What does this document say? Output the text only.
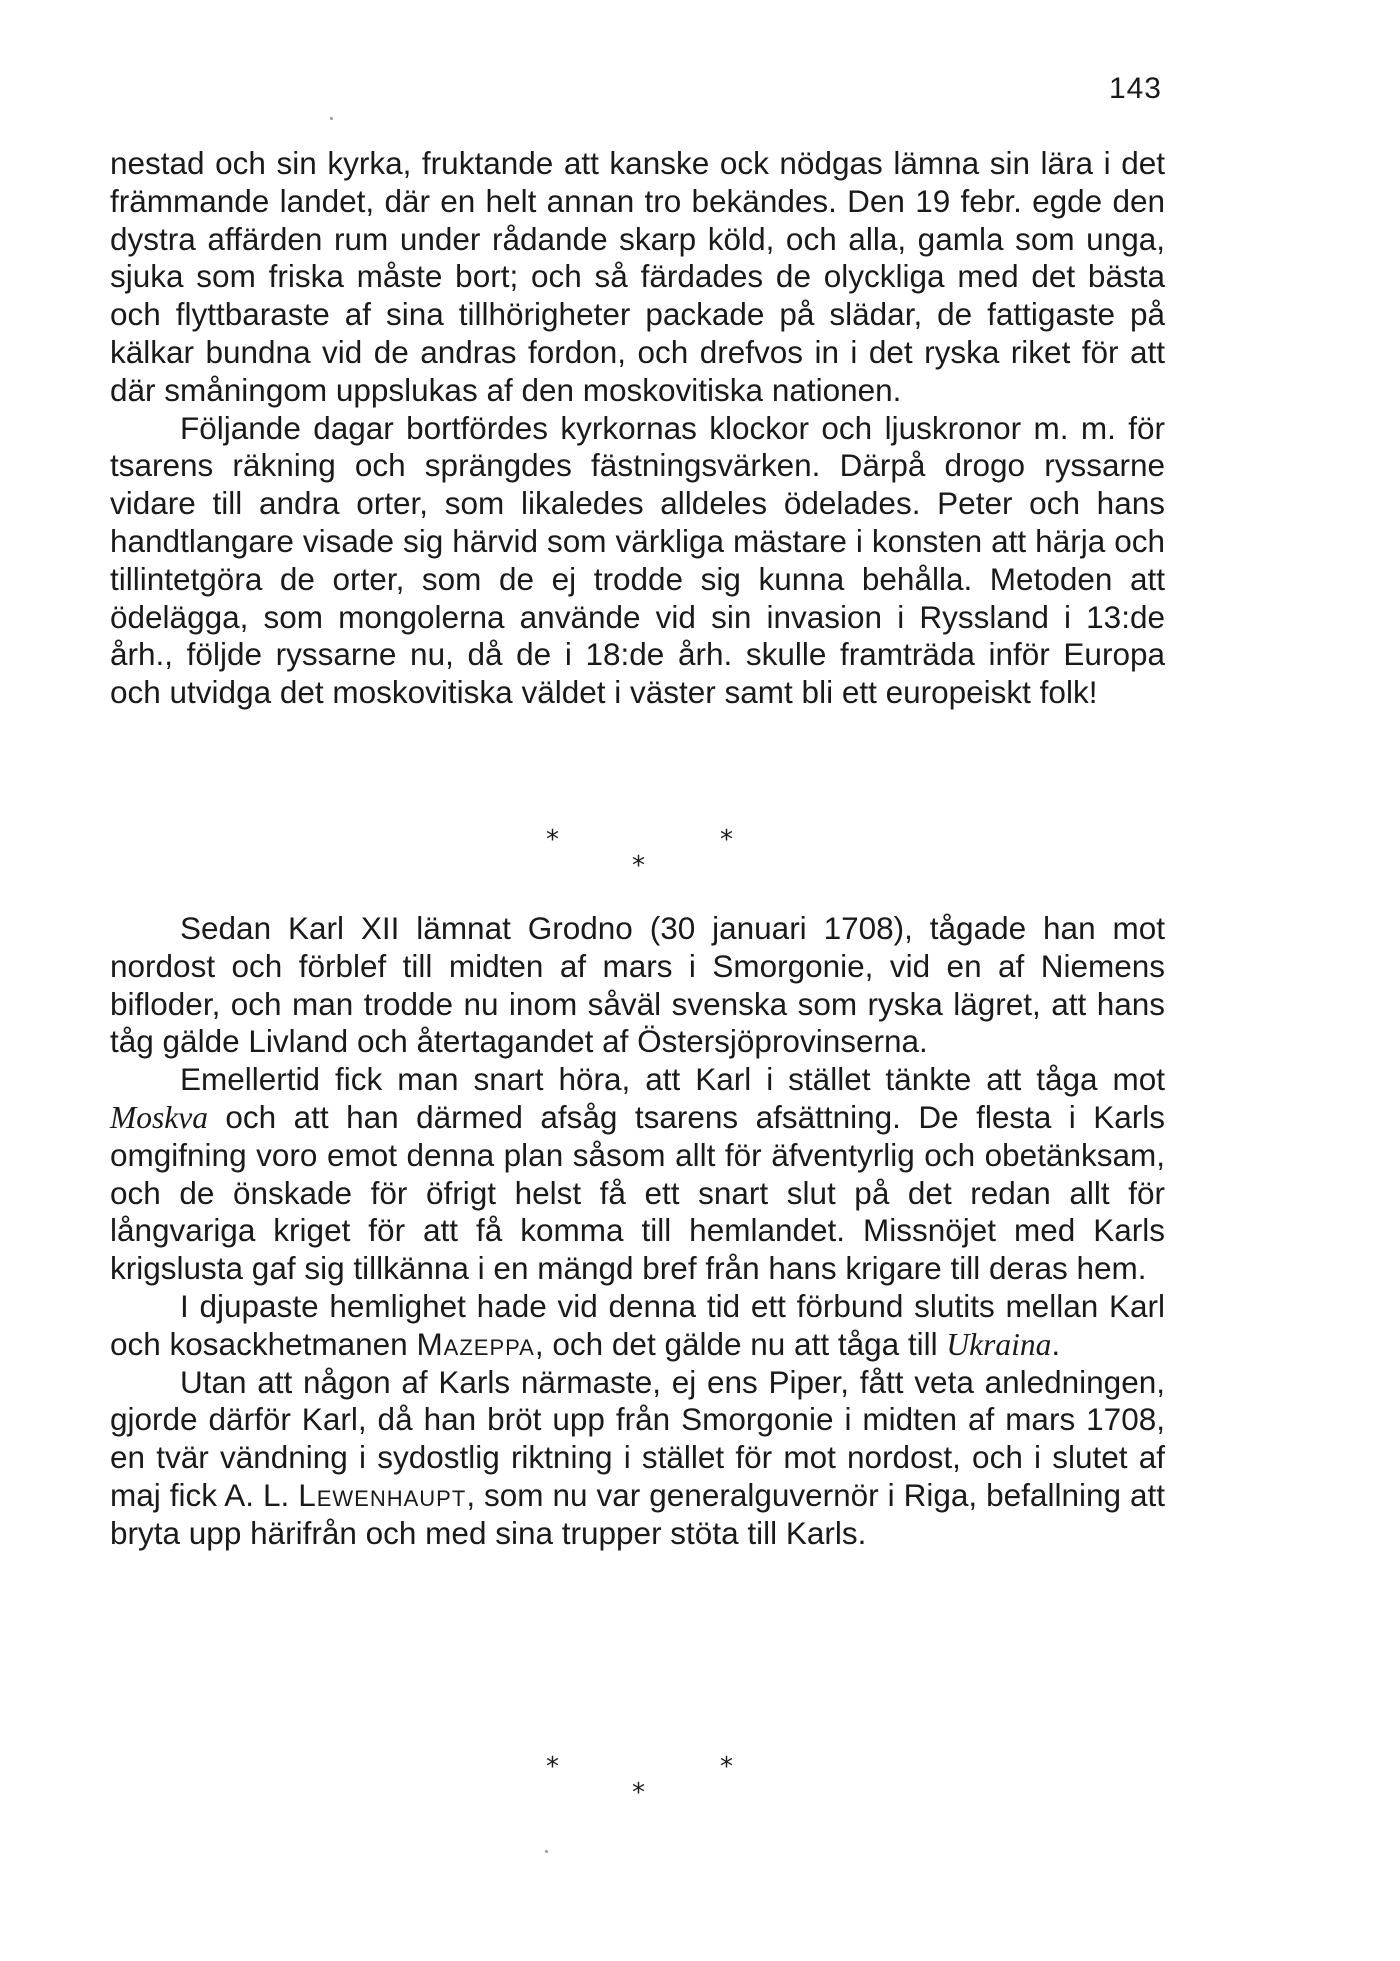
143

nestad och sin kyrka, fruktande att kanske ock nödgas lämna sin lära i det främmande landet, där en helt annan tro bekändes. Den 19 febr. egde den dystra affärden rum under rådande skarp köld, och alla, gamla som unga, sjuka som friska måste bort; och så färdades de olyckliga med det bästa och flyttbaraste af sina tillhörigheter packade på slädar, de fattigaste på kälkar bundna vid de andras fordon, och drefvos in i det ryska riket för att där småningom uppslukas af den moskovitiska nationen.

Följande dagar bortfördes kyrkornas klockor och ljuskronor m. m. för tsarens räkning och sprängdes fästningsvärken. Därpå drogo ryssarne vidare till andra orter, som likaledes alldeles ödelades. Peter och hans handtlangare visade sig härvid som värkliga mästare i konsten att härja och tillintetgöra de orter, som de ej trodde sig kunna behålla. Metoden att ödelägga, som mongolerna använde vid sin invasion i Ryssland i 13:de årh., följde ryssarne nu, då de i 18:de årh. skulle framträda inför Europa och utvidga det moskovitiska väldet i väster samt bli ett europeiskt folk!

*	*
*

Sedan Karl XII lämnat Grodno (30 januari 1708), tågade han mot nordost och förblef till midten af mars i Smorgonie, vid en af Niemens bifloder, och man trodde nu inom såväl svenska som ryska lägret, att hans tåg gälde Livland och återtagandet af Östersjöprovinserna.

Emellertid fick man snart höra, att Karl i stället tänkte att tåga mot Moskva och att han därmed afsåg tsarens afsättning. De flesta i Karls omgifning voro emot denna plan såsom allt för äfventyrlig och obetänksam, och de önskade för öfrigt helst få ett snart slut på det redan allt för långvariga kriget för att få komma till hemlandet. Missnöjet med Karls krigslusta gaf sig tillkänna i en mängd bref från hans krigare till deras hem.

I djupaste hemlighet hade vid denna tid ett förbund slutits mellan Karl och kosackhetmanen Mazeppa, och det gälde nu att tåga till Ukraina.

Utan att någon af Karls närmaste, ej ens Piper, fått veta anledningen, gjorde därför Karl, då han bröt upp från Smorgonie i midten af mars 1708, en tvär vändning i sydostlig riktning i stället för mot nordost, och i slutet af maj fick A. L. Lewenhaupt, som nu var generalguvernör i Riga, befallning att bryta upp härifrån och med sina trupper stöta till Karls.

*	*
*
